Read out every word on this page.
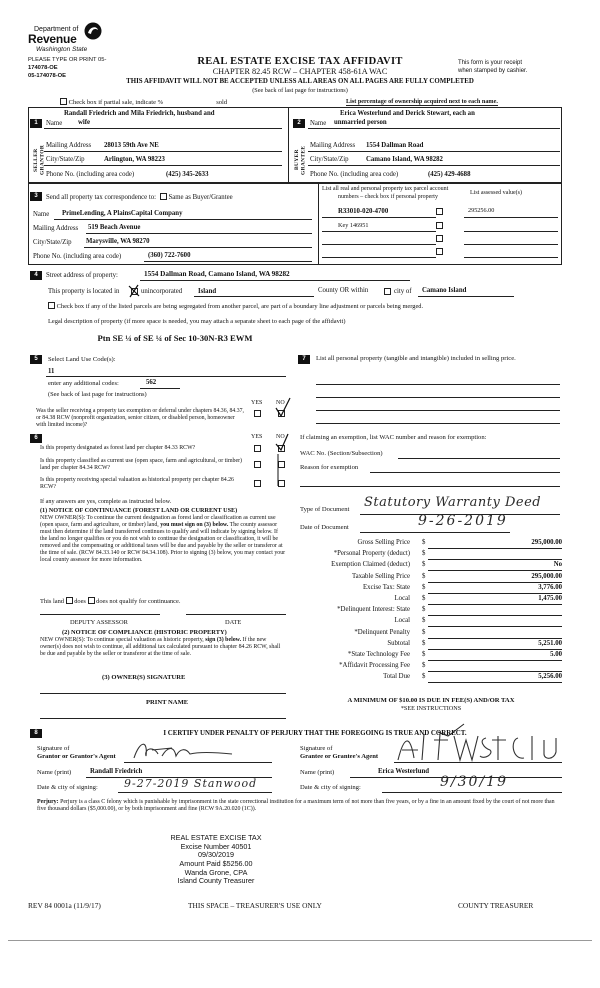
Department of
Revenue
Washington State
PLEASE TYPE OR PRINT 05-
174078-OE
05-174078-OE
REAL ESTATE EXCISE TAX AFFIDAVIT
CHAPTER 82.45 RCW – CHAPTER 458-61A WAC
This form is your receipt
when stamped by cashier.
THIS AFFIDAVIT WILL NOT BE ACCEPTED UNLESS ALL AREAS ON ALL PAGES ARE FULLY COMPLETED
(See back of last page for instructions)
Check box if partial sale, indicate %	sold	List percentage of ownership acquired next to each name.
1
SELLER GRANTOR
Randall Friedrich and Mila Friedrich, husband and
Name wife
Mailing Address 28013 59th Ave NE
City/State/Zip	Arlington, WA 98223
Phone No. (including area code)	(425) 345-2633
2
BUYER GRANTEE
Erica Westerlund and Derick Stewart, each an
Name unmarried person
Mailing Address 1554 Dallman Road
City/State/Zip	Camano Island, WA 98282
Phone No. (including area code)	(425) 429-4688
3	Send all property tax correspondence to: Same as Buyer/Grantee
Name PrimeLending, A PlainsCapital Company
Mailing Address 519 Beach Avenue
City/State/Zip Marysville, WA 98270
Phone No. (including area code)	(360) 722-7600
List all real and personal property tax parcel account
numbers – check box if personal property
List assessed value(s)
R33010-020-4700	295256.00
Key 146951
4	Street address of property:	1554 Dallman Road, Camano Island, WA 98282
This property is located in	unincorporated Island	County OR within	city of Camano Island
Check box if any of the listed parcels are being segregated from another parcel, are part of a boundary line adjustment or parcels being merged.
Legal description of property (if more space is needed, you may attach a separate sheet to each page of the affidavit)
Ptn SE ¼ of SE ¼ of Sec 10-30N-R3 EWM
5	Select Land Use Code(s):
11
enter any additional codes:	562
(See back of last page for instructions)
YES NO
Was the seller receiving a property tax exemption or deferral under chapters 84.36, 84.37, or 84.38 RCW (nonprofit organization, senior citizen, or disabled person, homeowner with limited income)?
6	YES NO
Is this property designated as forest land per chapter 84.33 RCW?
Is this property classified as current use (open space, farm and agricultural, or timber) land per chapter 84.34 RCW?
Is this property receiving special valuation as historical property per chapter 84.26 RCW?
If any answers are yes, complete as instructed below.
(1) NOTICE OF CONTINUANCE (FOREST LAND OR CURRENT USE)
NEW OWNER(S): To continue the current designation as forest land or classification as current use (open space, farm and agriculture, or timber) land, you must sign on (3) below. The county assessor must then determine if the land transferred continues to qualify and will indicate by signing below. If the land no longer qualifies or you do not wish to continue the designation or classification, it will be removed and the compensating or additional taxes will be due and payable by the seller or transferor at the time of sale. (RCW 84.33.140 or RCW 84.34.108). Prior to signing (3) below, you may contact your local county assessor for more information.
This land does does not qualify for continuance.
DEPUTY ASSESSOR	DATE
(2) NOTICE OF COMPLIANCE (HISTORIC PROPERTY)
NEW OWNER(S): To continue special valuation as historic property, sign (3) below. If the new owner(s) does not wish to continue, all additional tax calculated pursuant to chapter 84.26 RCW, shall be due and payable by the seller or transferor at the time of sale.
(3) OWNER(S) SIGNATURE
PRINT NAME
7	List all personal property (tangible and intangible) included in selling price.
If claiming an exemption, list WAC number and reason for exemption:
WAC No. (Section/Subsection)
Reason for exemption
Type of Document Statutory Warranty Deed
Date of Document	9-26-2019
Gross Selling Price $	295,000.00
*Personal Property (deduct) $
Exemption Claimed (deduct) $	No
Taxable Selling Price $	295,000.00
Excise Tax: State $	3,776.00
Local $	1,475.00
*Delinquent Interest: State $
Local $
*Delinquent Penalty $
Subtotal $	5,251.00
*State Technology Fee $	5.00
*Affidavit Processing Fee $
Total Due $	5,256.00
A MINIMUM OF $10.00 IS DUE IN FEE(S) AND/OR TAX
*SEE INSTRUCTIONS
8	I CERTIFY UNDER PENALTY OF PERJURY THAT THE FOREGOING IS TRUE AND CORRECT.
Signature of
Grantor or Grantor's Agent
Signature of
Grantee or Grantee's Agent
Name (print)	Randall Friedrich	Name (print)	Erica Westerlund
Date & city of signing: 9-27-2019 Stanwood	Date & city of signing:	9/30/19
Perjury: Perjury is a class C felony which is punishable by imprisonment in the state correctional institution for a maximum term of not more than five years, or by a fine in an amount fixed by the court of not more than five thousand dollars ($5,000.00), or by both imprisonment and fine (RCW 9A.20.020 (1C)).
REAL ESTATE EXCISE TAX
Excise Number 40501
09/30/2019
Amount Paid $5256.00
Wanda Grone, CPA
Island County Treasurer
REV 84 0001a (11/9/17)	THIS SPACE – TREASURER'S USE ONLY	COUNTY TREASURER
